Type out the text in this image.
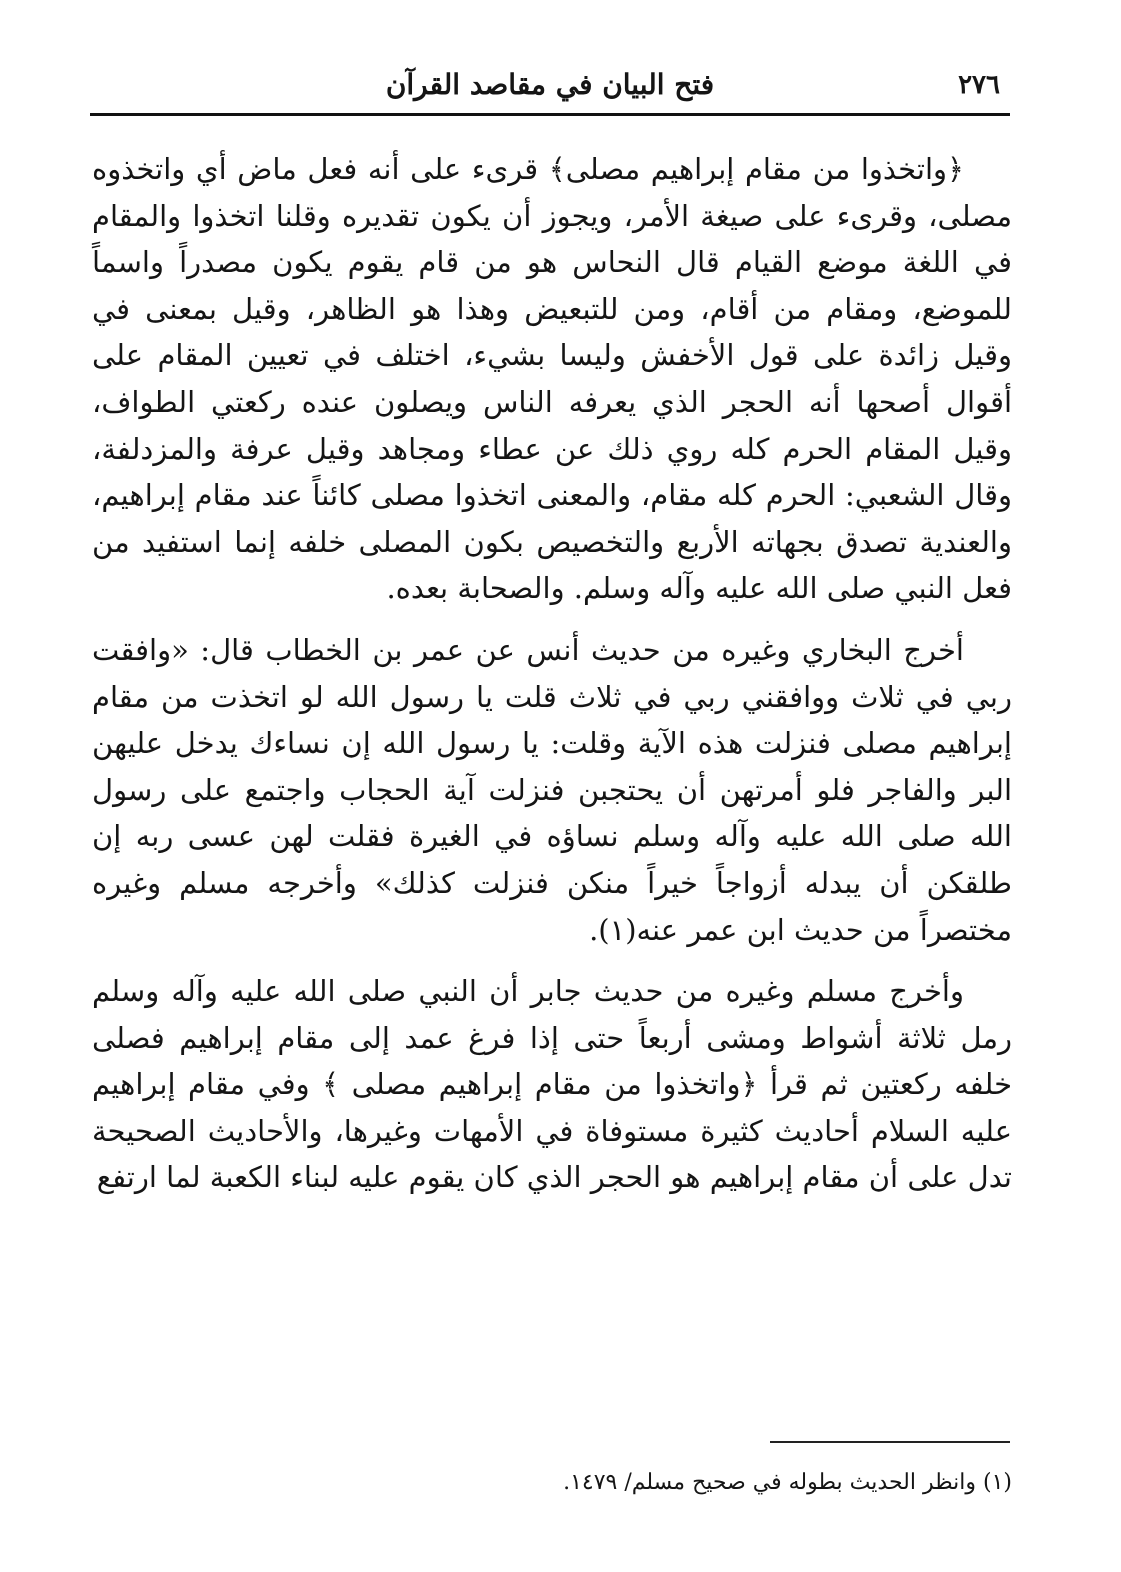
٢٧٦
فتح البيان في مقاصد القرآن

﴿واتخذوا من مقام إبراهيم مصلى﴾ قرىء على أنه فعل ماض أي واتخذوه مصلى، وقرىء على صيغة الأمر، ويجوز أن يكون تقديره وقلنا اتخذوا والمقام في اللغة موضع القيام قال النحاس هو من قام يقوم يكون مصدراً واسماً للموضع، ومقام من أقام، ومن للتبعيض وهذا هو الظاهر، وقيل بمعنى في وقيل زائدة على قول الأخفش وليسا بشيء، اختلف في تعيين المقام على أقوال أصحها أنه الحجر الذي يعرفه الناس ويصلون عنده ركعتي الطواف، وقيل المقام الحرم كله روي ذلك عن عطاء ومجاهد وقيل عرفة والمزدلفة، وقال الشعبي: الحرم كله مقام، والمعنى اتخذوا مصلى كائناً عند مقام إبراهيم، والعندية تصدق بجهاته الأربع والتخصيص بكون المصلى خلفه إنما استفيد من فعل النبي صلى الله عليه وآله وسلم. والصحابة بعده.

أخرج البخاري وغيره من حديث أنس عن عمر بن الخطاب قال: «وافقت ربي في ثلاث ووافقني ربي في ثلاث قلت يا رسول الله لو اتخذت من مقام إبراهيم مصلى فنزلت هذه الآية وقلت: يا رسول الله إن نساءك يدخل عليهن البر والفاجر فلو أمرتهن أن يحتجبن فنزلت آية الحجاب واجتمع على رسول الله صلى الله عليه وآله وسلم نساؤه في الغيرة فقلت لهن عسى ربه إن طلقكن أن يبدله أزواجاً خيراً منكن فنزلت كذلك» وأخرجه مسلم وغيره مختصراً من حديث ابن عمر عنه(١).

وأخرج مسلم وغيره من حديث جابر أن النبي صلى الله عليه وآله وسلم رمل ثلاثة أشواط ومشى أربعاً حتى إذا فرغ عمد إلى مقام إبراهيم فصلى خلفه ركعتين ثم قرأ ﴿واتخذوا من مقام إبراهيم مصلى ﴾ وفي مقام إبراهيم عليه السلام أحاديث كثيرة مستوفاة في الأمهات وغيرها، والأحاديث الصحيحة تدل على أن مقام إبراهيم هو الحجر الذي كان يقوم عليه لبناء الكعبة لما ارتفع

(١) وانظر الحديث بطوله في صحيح مسلم/ ١٤٧٩.
